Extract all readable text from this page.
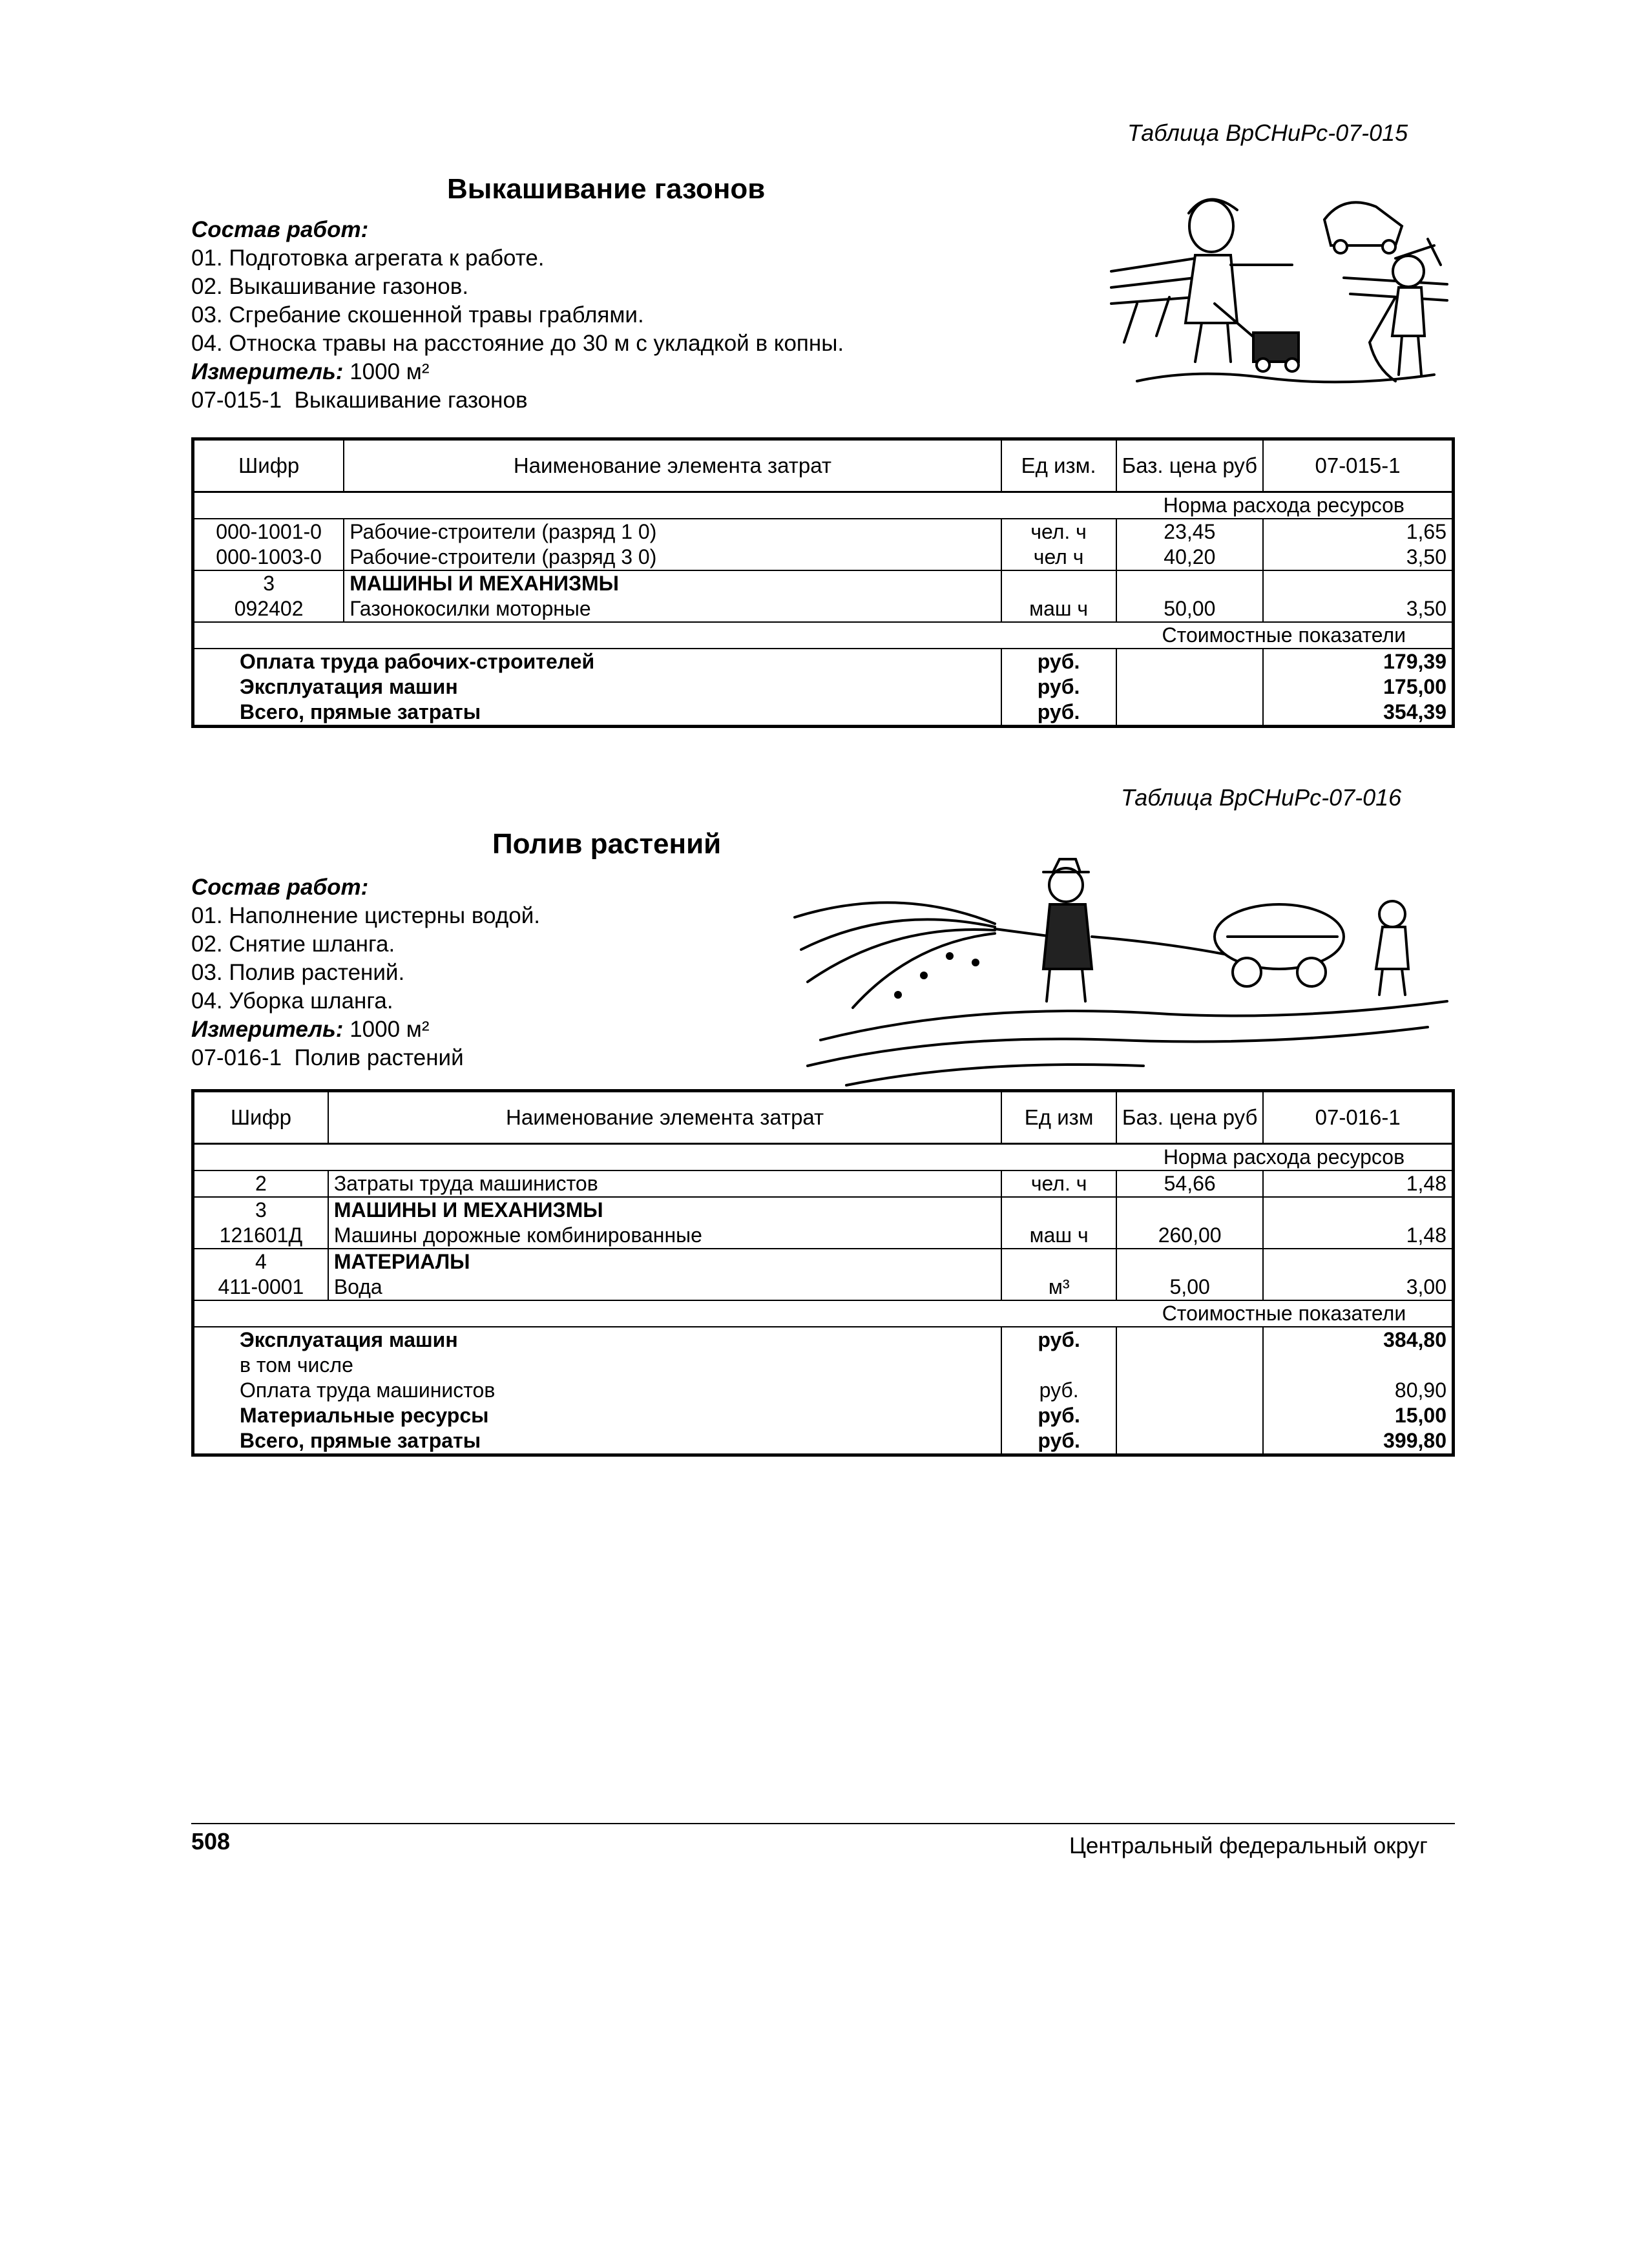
Таблица ВрСНиРс-07-015
Выкашивание газонов
Состав работ:
01. Подготовка агрегата к работе.
02. Выкашивание газонов.
03. Сгребание скошенной травы граблями.
04. Относка травы на расстояние до 30 м с укладкой в копны.
Измеритель: 1000 м²
07-015-1  Выкашивание газонов
Шифр	Наименование элемента затрат	Ед изм.	Баз. цена руб	07-015-1
			Норма расхода ресурсов	
000-1001-0	Рабочие-строители (разряд 1 0)	чел. ч	23,45	1,65
000-1003-0	Рабочие-строители (разряд 3 0)	чел ч	40,20	3,50
3	МАШИНЫ И МЕХАНИЗМЫ			
092402	Газонокосилки моторные	маш ч	50,00	3,50
			Стоимостные показатели	
Оплата труда рабочих-строителей		руб.		179,39
Эксплуатация машин		руб.		175,00
Всего, прямые затраты		руб.		354,39
Таблица ВрСНиРс-07-016
Полив растений
Состав работ:
01. Наполнение цистерны водой.
02. Снятие шланга.
03. Полив растений.
04. Уборка шланга.
Измеритель: 1000 м²
07-016-1  Полив растений
Шифр	Наименование элемента затрат	Ед изм	Баз. цена руб	07-016-1
			Норма расхода ресурсов	
2	Затраты труда машинистов	чел. ч	54,66	1,48
3	МАШИНЫ И МЕХАНИЗМЫ			
121601Д	Машины дорожные комбинированные	маш ч	260,00	1,48
4	МАТЕРИАЛЫ			
411-0001	Вода	м³	5,00	3,00
			Стоимостные показатели	
Эксплуатация машин		руб.		384,80
в том числе				
Оплата труда машинистов		руб.		80,90
Материальные ресурсы		руб.		15,00
Всего, прямые затраты		руб.		399,80
508	Центральный федеральный округ
